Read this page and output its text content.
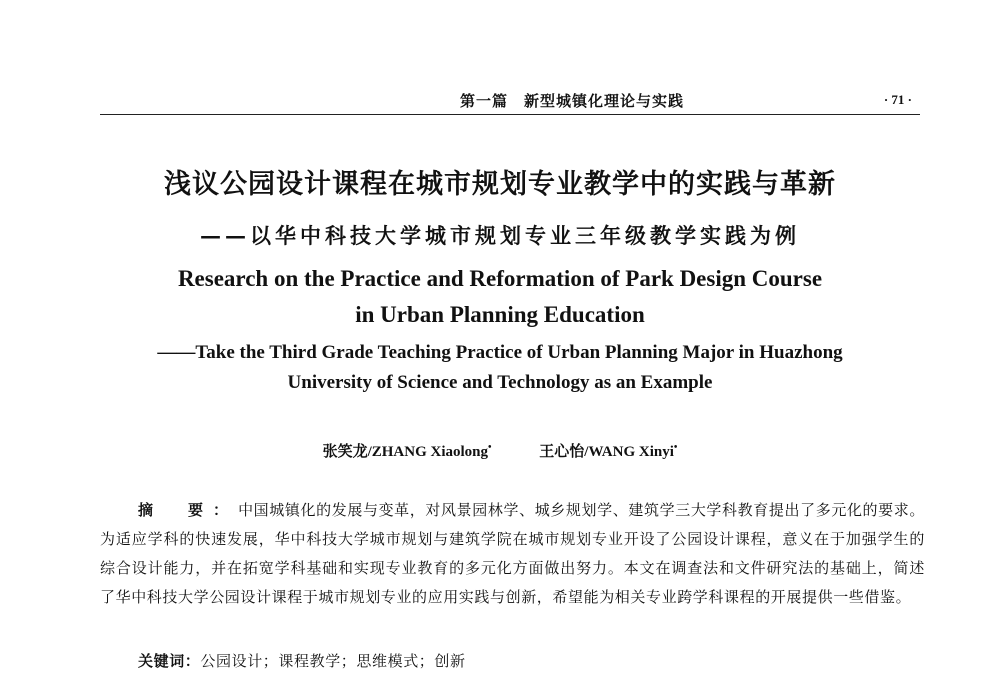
第一篇　新型城镇化理论与实践	· 71 ·
浅议公园设计课程在城市规划专业教学中的实践与革新
——以华中科技大学城市规划专业三年级教学实践为例
Research on the Practice and Reformation of Park Design Course
in Urban Planning Education
——Take the Third Grade Teaching Practice of Urban Planning Major in Huazhong
University of Science and Technology as an Example
张笑龙/ZHANG Xiaolong•	王心怡/WANG Xinyi•
摘　要：中国城镇化的发展与变革，对风景园林学、城乡规划学、建筑学三大学科教育提出了多元化的要求。为适应学科的快速发展，华中科技大学城市规划与建筑学院在城市规划专业开设了公园设计课程，意义在于加强学生的综合设计能力，并在拓宽学科基础和实现专业教育的多元化方面做出努力。本文在调查法和文件研究法的基础上，简述了华中科技大学公园设计课程于城市规划专业的应用实践与创新，希望能为相关专业跨学科课程的开展提供一些借鉴。
关键词：公园设计；课程教学；思维模式；创新
